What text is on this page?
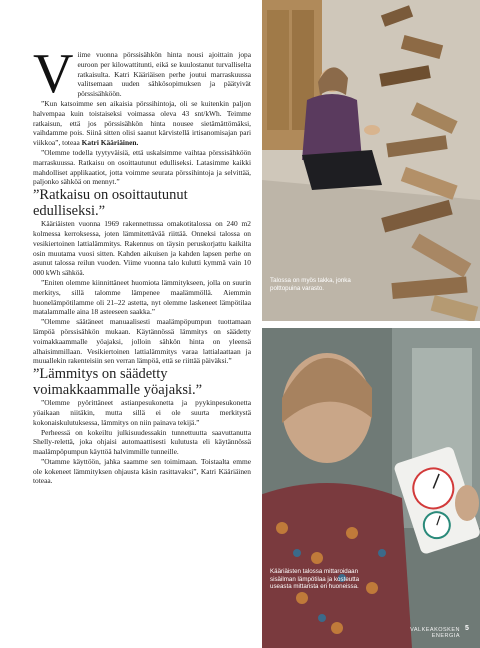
Viime vuonna pörssisähkön hinta nousi ajoittain jopa euroon per kilowattitunti, eikä se kuulostanut turvalliselta ratkaisulta. Katri Kääriäisen perhe joutui marraskuussa valitsemaan uuden sähkösopimuksen ja päätyivät pörssisähköön.

”Kun katsoimme sen aikaisia pörssihintoja, oli se kuitenkin paljon halvempaa kuin toistaiseksi voimassa oleva 43 snt/kWh. Teimme ratkaisun, että jos pörssisähkön hinta nousee sietämättömäksi, vaihdamme pois. Siinä sitten olisi saanut kärvistellä irtisanomisajan pari viikkoa”, toteaa Katri Kääriäinen.

”Olemme todella tyytyväisiä, että uskalsimme vaihtaa pörssisähköön marraskuussa. Ratkaisu on osoittautunut edulliseksi. Latasimme kaikki mahdolliset applikaatiot, jotta voimme seurata pörssihintoja ja selvittää, paljonko sähköä on mennyt.”

”Ratkaisu on osoittautunut edulliseksi.”

Kääriäisten vuonna 1969 rakennettussa omakotitalossa on 240 m2 kolmessa kerroksessa, joten lämmitettävää riittää. Onneksi talossa on vesikiertoinen lattialämmitys. Rakennus on täysin peruskorjattu kaikilta osin muutama vuosi sitten. Kahden aikuisen ja kahden lapsen perhe on asunut talossa reilun vuoden. Viime vuonna talo kulutti kymmä vain 10 000 kWh sähköä.

”Eniten olemme kiinnittäneet huomiota lämmitykseen, jolla on suurin merkitys, sillä talomme lämpenee maalämmöllä. Aiemmin huonelämpötilamme oli 21–22 astetta, nyt olemme laskeneet lämpötilaa matalammalle aina 18 asteeseen saakka.”

”Olemme säätäneet manuaalisesti maalämpöpumpun tuottamaan lämpöä pörssisähkön mukaan. Käytännössä lämmitys on säädetty voimakkaammalle yöajaksi, jolloin sähkön hinta on yleensä alhaisimmillaan. Vesikiertoinen lattialämmitys varaa lattialaattaan ja muuallekin rakenteisiin sen verran lämpöä, että se riittää päiväksi.”

”Lämmitys on säädetty voimakkaammalle yöajaksi.”

”Olemme pyörittäneet astianpesukonetta ja pyykinpesukonetta yöaikaan niitäkin, mutta sillä ei ole suurta merkitystä kokonaiskulutuksessa, lämmitys on niin painava tekijä.”

Perheessä on kokeiltu julkisuudessakin tunnettuutta saavuttanutta Shelly-relettä, joka ohjaisi automaattisesti kulutusta eli käytännössä maalämpöpumpun käyttöä halvimmille tunneille.

”Otamme käyttöön, jahka saamme sen toimimaan. Toistaalta emme ole kokeneet lämmityksen ohjausta käsin rasittavaksi”, Katri Kääriäinen toteaa.

Talossa on myös takka, jonka polttopuina varasto.
Kääriäisten talossa mittaroidaan sisäilman lämpötilaa ja kosteutta useasta mittarista eri huoneissa.
VALKEAKOSKEN ENERGIA
5
